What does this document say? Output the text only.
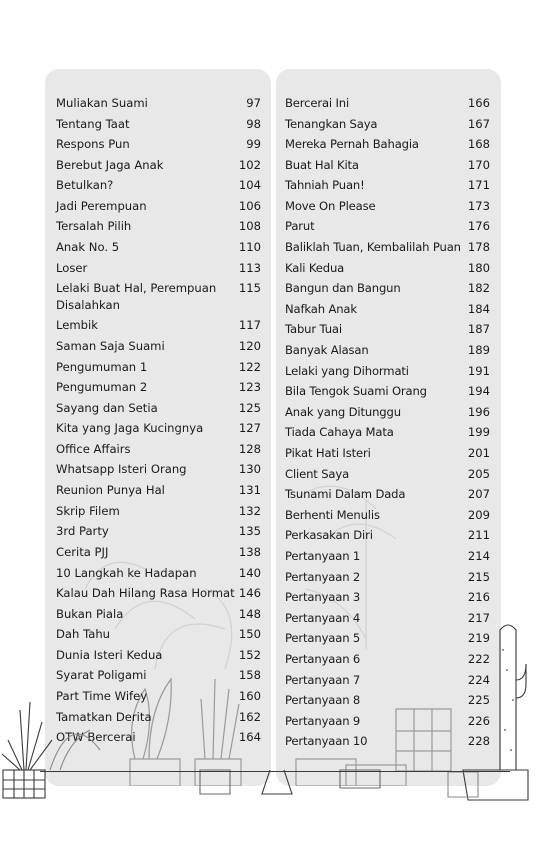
Muliakan Suami	97
Tentang Taat	98
Respons Pun	99
Berebut Jaga Anak	102
Betulkan?	104
Jadi Perempuan	106
Tersalah Pilih	108
Anak No. 5	110
Loser	113
Lelaki Buat Hal, Perempuan
Disalahkan
115
Lembik	117
Saman Saja Suami	120
Pengumuman 1	122
Pengumuman 2	123
Sayang dan Setia	125
Kita yang Jaga Kucingnya	127
Office Affairs	128
Whatsapp Isteri Orang	130
Reunion Punya Hal	131
Skrip Filem	132
3rd Party	135
Cerita PJJ	138
10 Langkah ke Hadapan	140
Kalau Dah Hilang Rasa Hormat 146
Bukan Piala	148
Dah Tahu	150
Dunia Isteri Kedua	152
Syarat Poligami	158
Part Time Wifey	160
Tamatkan Derita	162
OTW Bercerai	164
Bercerai Ini	166
Tenangkan Saya	167
Mereka Pernah Bahagia	168
Buat Hal Kita	170
Tahniah Puan!	171
Move On Please	173
Parut	176
Baliklah Tuan, Kembalilah Puan 178
Kali Kedua	180
Bangun dan Bangun	182
Nafkah Anak	184
Tabur Tuai	187
Banyak Alasan	189
Lelaki yang Dihormati	191
Bila Tengok Suami Orang	194
Anak yang Ditunggu	196
Tiada Cahaya Mata	199
Pikat Hati Isteri	201
Client Saya	205
Tsunami Dalam Dada	207
Berhenti Menulis	209
Perkasakan Diri	211
Pertanyaan 1	214
Pertanyaan 2	215
Pertanyaan 3	216
Pertanyaan 4	217
Pertanyaan 5	219
Pertanyaan 6	222
Pertanyaan 7	224
Pertanyaan 8	225
Pertanyaan 9	226
Pertanyaan 10	228
